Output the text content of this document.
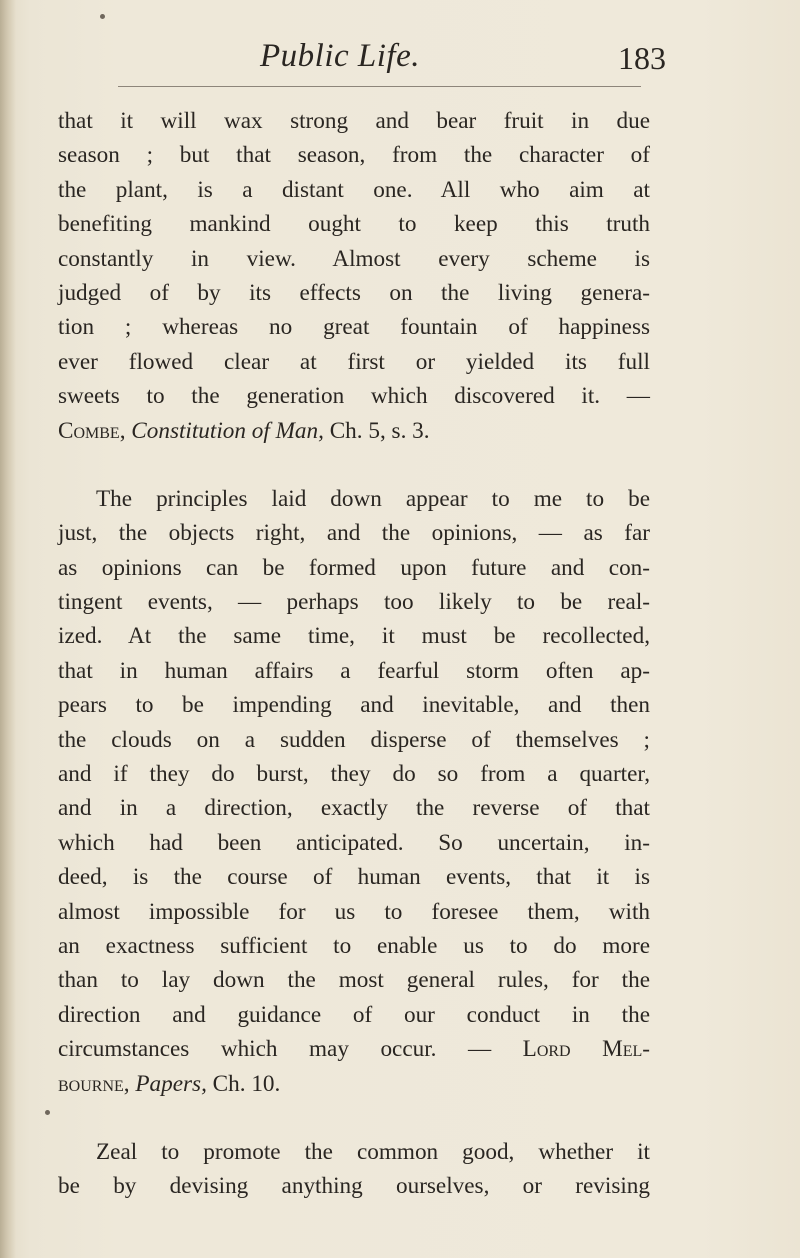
Public Life.	183
that it will wax strong and bear fruit in due
season ; but that season, from the character of
the plant, is a distant one. All who aim at
benefiting mankind ought to keep this truth
constantly in view. Almost every scheme is
judged of by its effects on the living genera-
tion ; whereas no great fountain of happiness
ever flowed clear at first or yielded its full
sweets to the generation which discovered it. —
Combe, Constitution of Man, Ch. 5, s. 3.
The principles laid down appear to me to be
just, the objects right, and the opinions, — as far
as opinions can be formed upon future and con-
tingent events, — perhaps too likely to be real-
ized. At the same time, it must be recollected,
that in human affairs a fearful storm often ap-
pears to be impending and inevitable, and then
the clouds on a sudden disperse of themselves ;
and if they do burst, they do so from a quarter,
and in a direction, exactly the reverse of that
which had been anticipated. So uncertain, in-
deed, is the course of human events, that it is
almost impossible for us to foresee them, with
an exactness sufficient to enable us to do more
than to lay down the most general rules, for the
direction and guidance of our conduct in the
circumstances which may occur. — Lord Mel-
bourne, Papers, Ch. 10.
Zeal to promote the common good, whether it
be by devising anything ourselves, or revising
